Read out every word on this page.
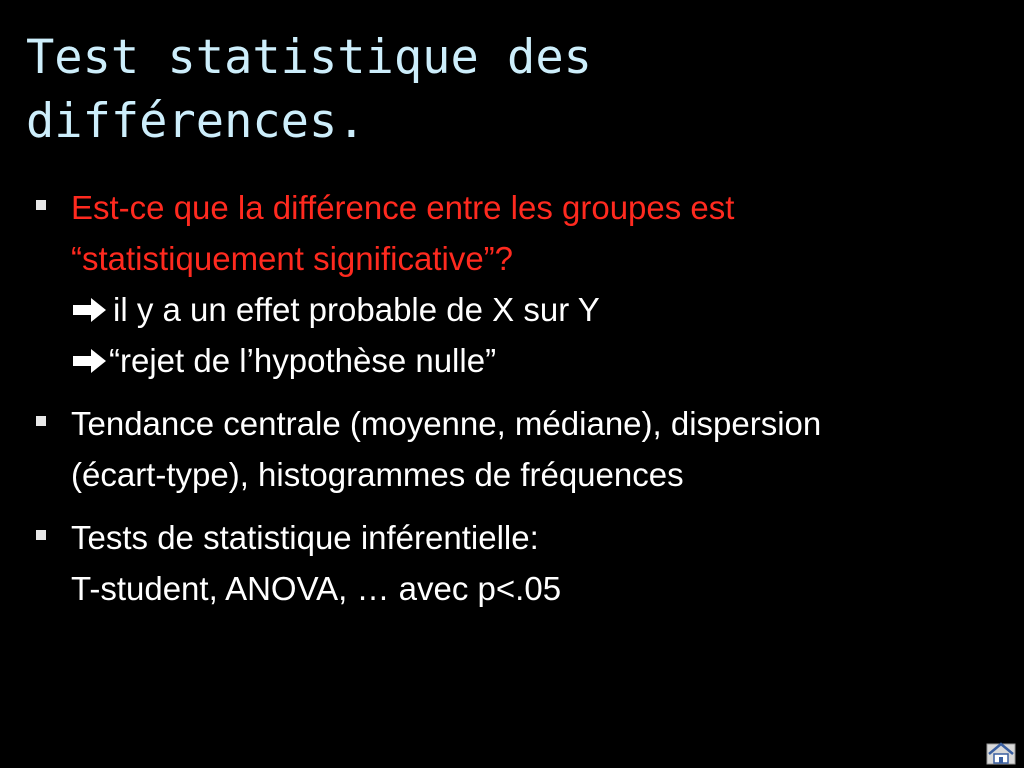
Test statistique des
différences.
Est-ce que la différence entre les groupes est
“statistiquement significative”?
il y a un effet probable de X sur Y
“rejet de l’hypothèse nulle”
Tendance centrale (moyenne, médiane), dispersion
(écart-type), histogrammes de fréquences
Tests de statistique inférentielle:
T-student, ANOVA, … avec p<.05
